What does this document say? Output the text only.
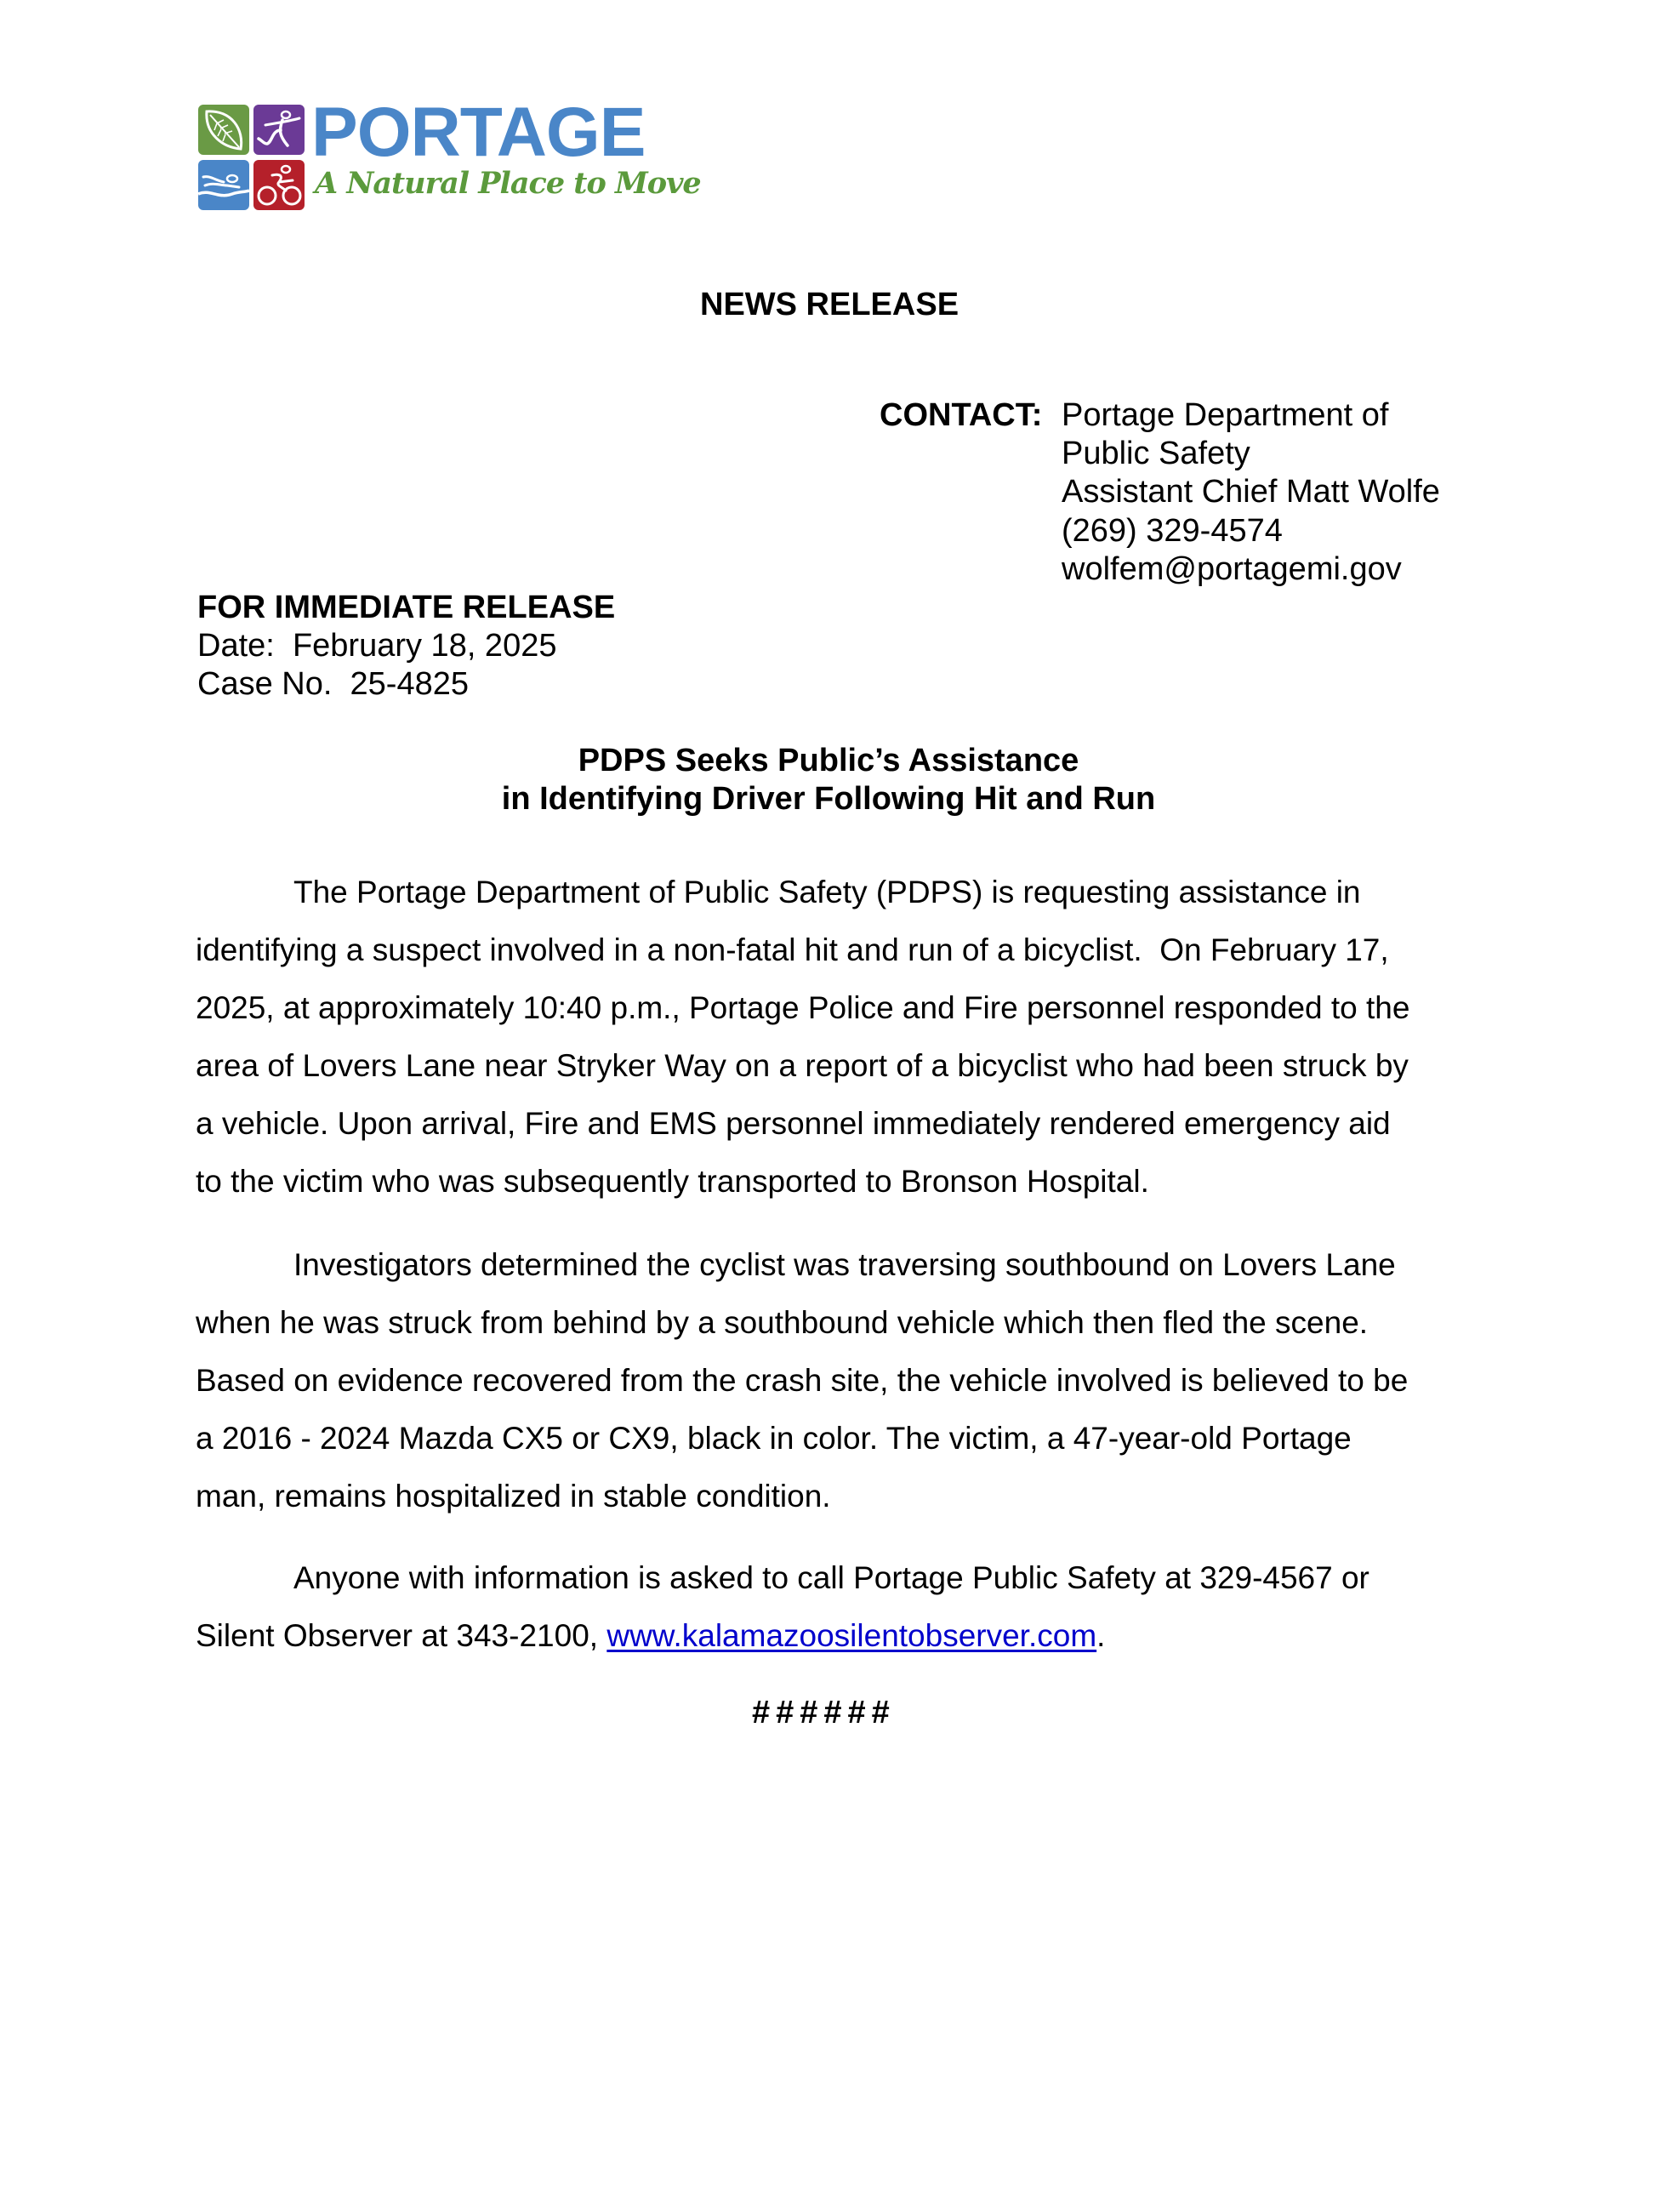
PORTAGE
A Natural Place to Move
NEWS RELEASE
CONTACT: Portage Department of
Public Safety
Assistant Chief Matt Wolfe
(269) 329-4574
wolfem@portagemi.gov
FOR IMMEDIATE RELEASE
Date:  February 18, 2025
Case No.  25-4825
PDPS Seeks Public’s Assistance
in Identifying Driver Following Hit and Run
The Portage Department of Public Safety (PDPS) is requesting assistance in
identifying a suspect involved in a non-fatal hit and run of a bicyclist.  On February 17,
2025, at approximately 10:40 p.m., Portage Police and Fire personnel responded to the
area of Lovers Lane near Stryker Way on a report of a bicyclist who had been struck by
a vehicle. Upon arrival, Fire and EMS personnel immediately rendered emergency aid
to the victim who was subsequently transported to Bronson Hospital.
Investigators determined the cyclist was traversing southbound on Lovers Lane
when he was struck from behind by a southbound vehicle which then fled the scene.
Based on evidence recovered from the crash site, the vehicle involved is believed to be
a 2016 - 2024 Mazda CX5 or CX9, black in color. The victim, a 47-year-old Portage
man, remains hospitalized in stable condition.
Anyone with information is asked to call Portage Public Safety at 329-4567 or
Silent Observer at 343-2100, www.kalamazoosilentobserver.com.
######
